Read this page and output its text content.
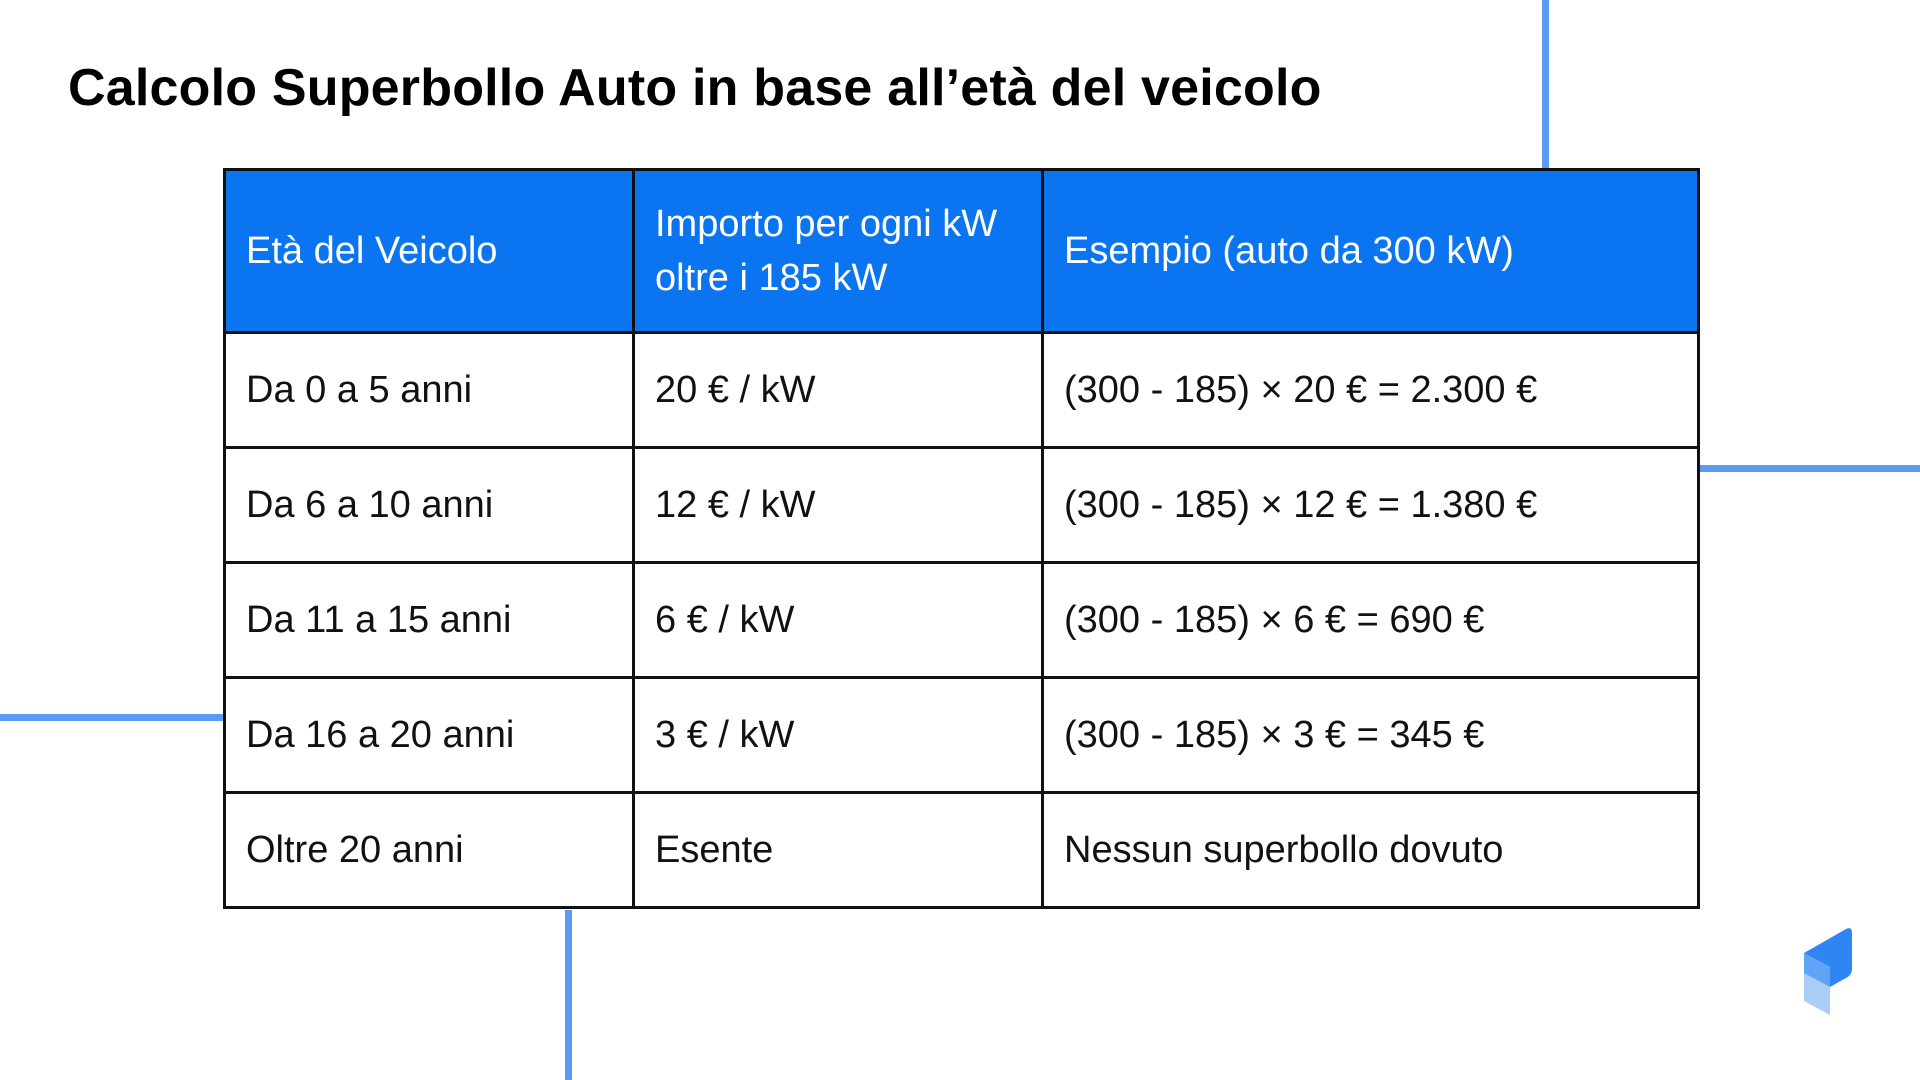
Calcolo Superbollo Auto in base all’età del veicolo
Età del Veicolo	Importo per ogni kW oltre i 185 kW	Esempio (auto da 300 kW)
Da 0 a 5 anni	20 € / kW	(300 - 185) × 20 € = 2.300 €
Da 6 a 10 anni	12 € / kW	(300 - 185) × 12 € = 1.380 €
Da 11 a 15 anni	6 € / kW	(300 - 185) × 6 € = 690 €
Da 16 a 20 anni	3 € / kW	(300 - 185) × 3 € = 345 €
Oltre 20 anni	Esente	Nessun superbollo dovuto
